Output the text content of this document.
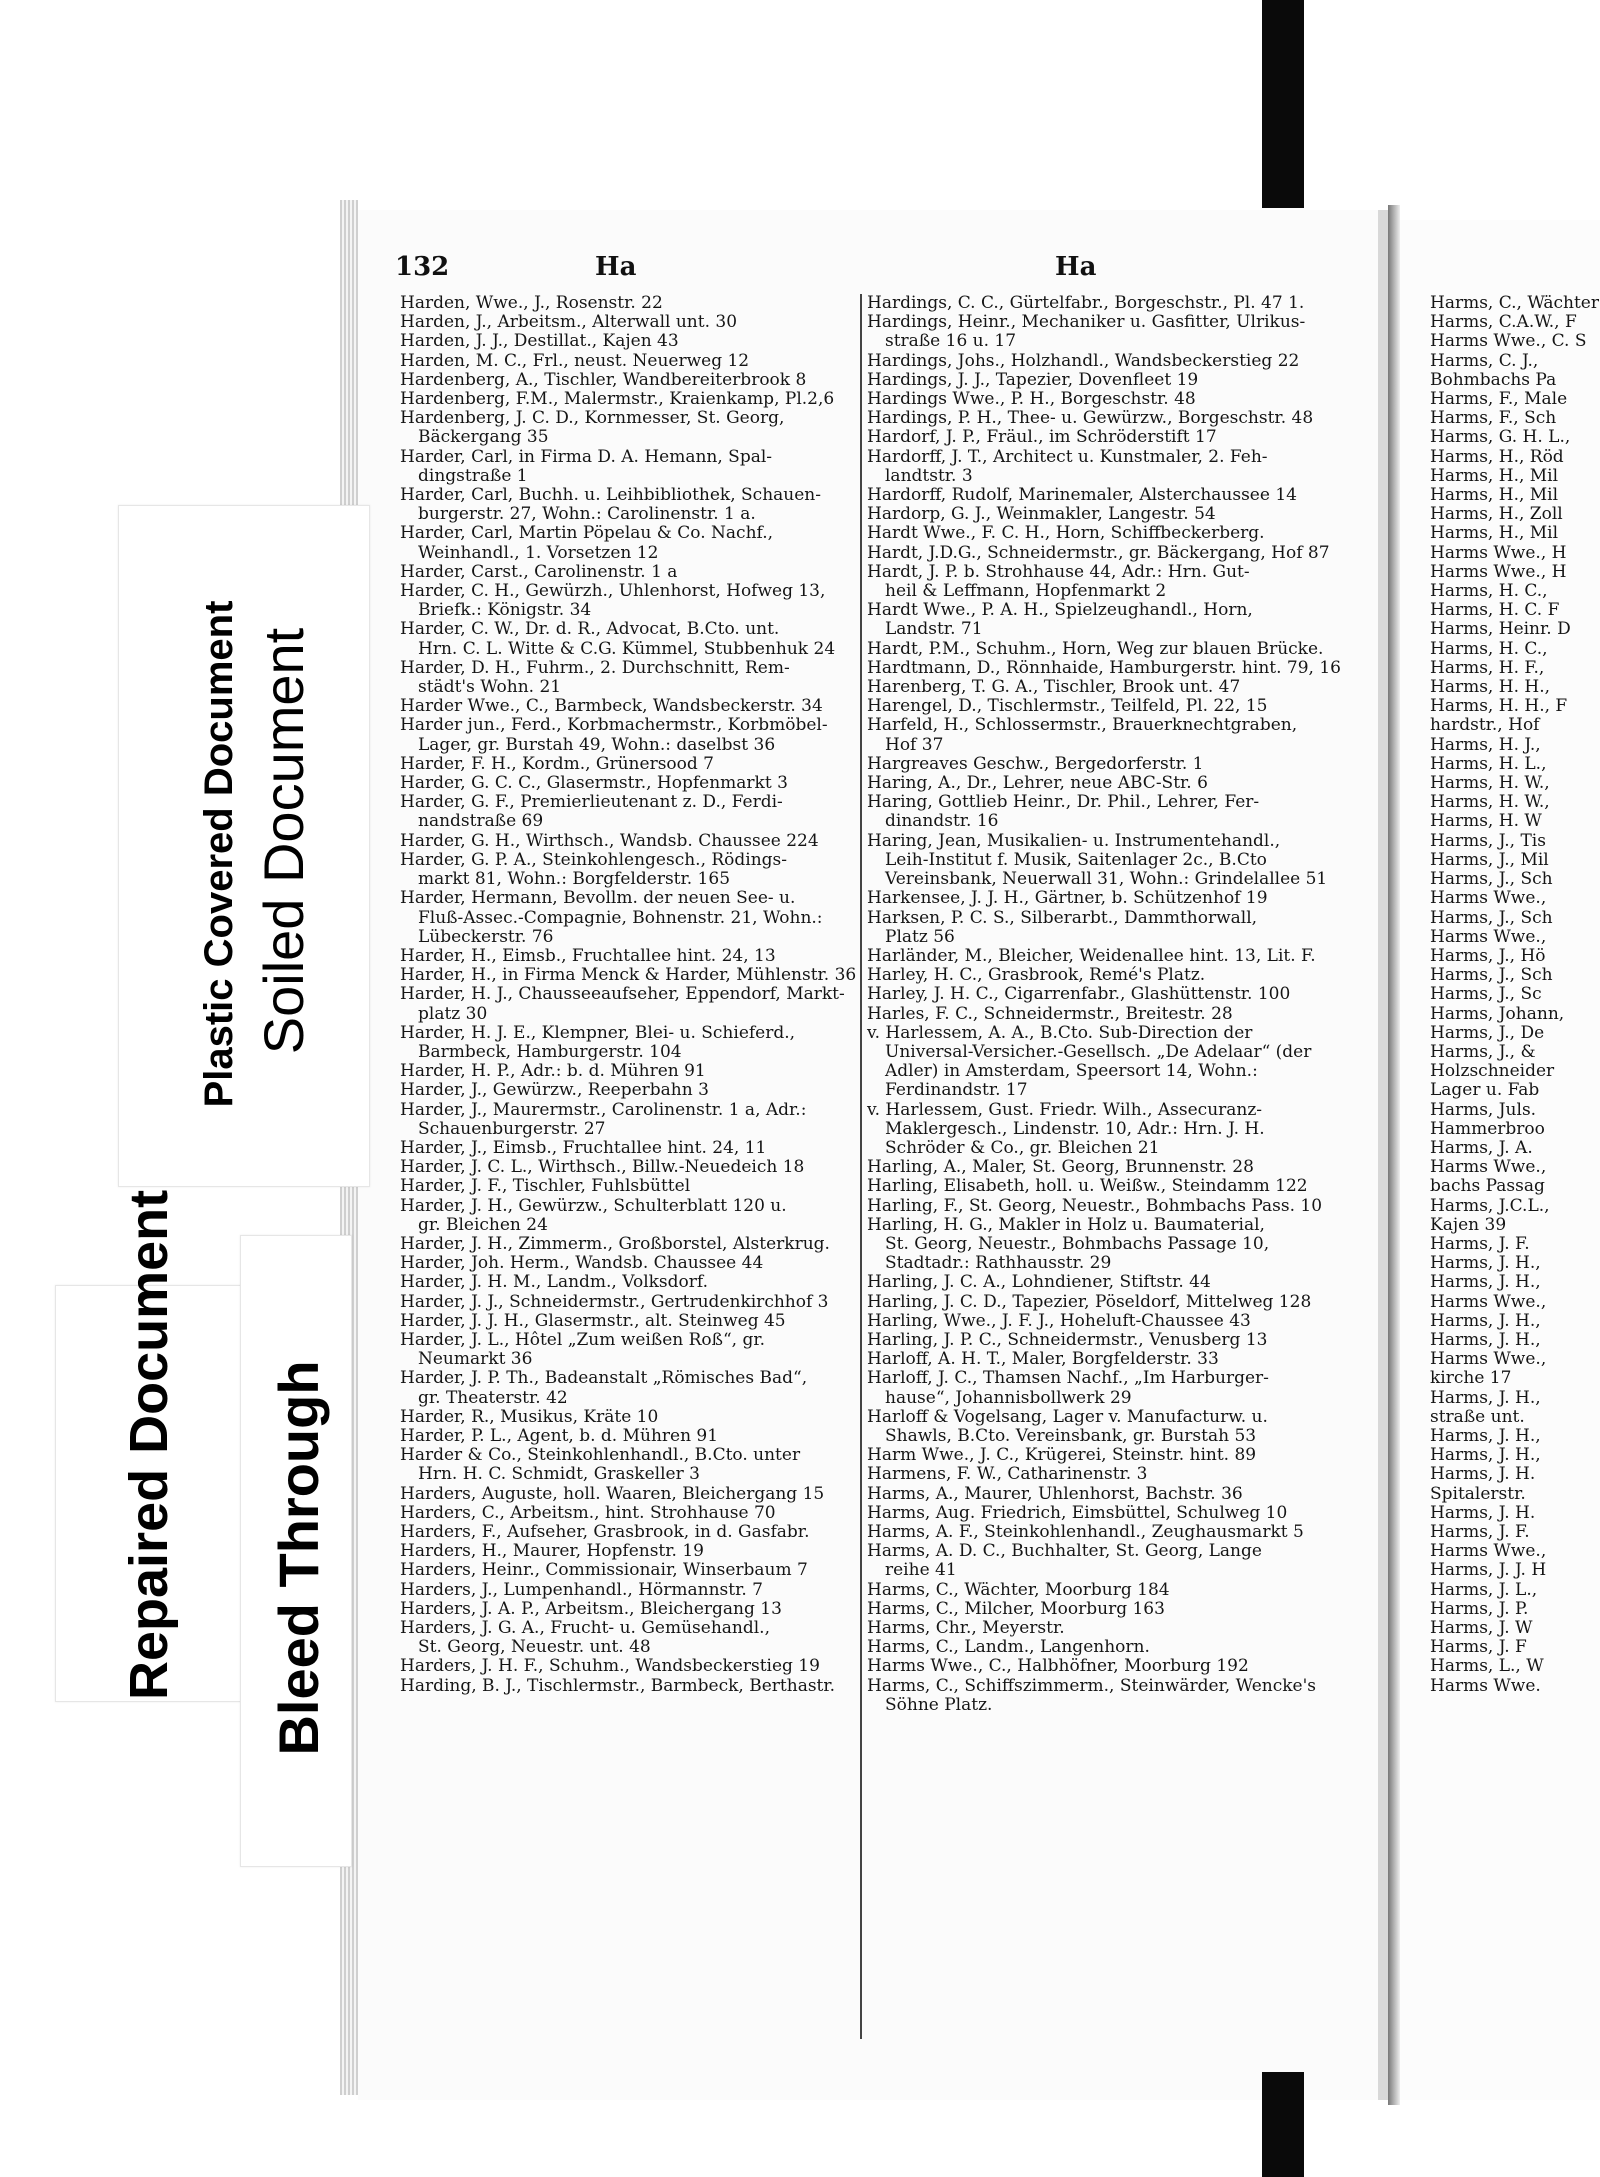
132	Ha	Ha
Harden, Wwe., J., Rosenstr. 22
Harden, J., Arbeitsm., Alterwall unt. 30
Harden, J. J., Destillat., Kajen 43
Harden, M. C., Frl., neust. Neuerweg 12
Hardenberg, A., Tischler, Wandbereiterbrook 8
Hardenberg, F.M., Malermstr., Kraienkamp, Pl.2,6
Hardenberg, J. C. D., Kornmesser, St. Georg,
Bäckergang 35
Harder, Carl, in Firma D. A. Hemann, Spal-
dingstraße 1
Harder, Carl, Buchh. u. Leihbibliothek, Schauen-
burgerstr. 27, Wohn.: Carolinenstr. 1 a.
Harder, Carl, Martin Pöpelau & Co. Nachf.,
Weinhandl., 1. Vorsetzen 12
Harder, Carst., Carolinenstr. 1 a
Harder, C. H., Gewürzh., Uhlenhorst, Hofweg 13,
Briefk.: Königstr. 34
Harder, C. W., Dr. d. R., Advocat, B.Cto. unt.
Hrn. C. L. Witte & C.G. Kümmel, Stubbenhuk 24
Harder, D. H., Fuhrm., 2. Durchschnitt, Rem-
städt's Wohn. 21
Harder Wwe., C., Barmbeck, Wandsbeckerstr. 34
Harder jun., Ferd., Korbmachermstr., Korbmöbel-
Lager, gr. Burstah 49, Wohn.: daselbst 36
Harder, F. H., Kordm., Grünersood 7
Harder, G. C. C., Glasermstr., Hopfenmarkt 3
Harder, G. F., Premierlieutenant z. D., Ferdi-
nandstraße 69
Harder, G. H., Wirthsch., Wandsb. Chaussee 224
Harder, G. P. A., Steinkohlengesch., Rödings-
markt 81, Wohn.: Borgfelderstr. 165
Harder, Hermann, Bevollm. der neuen See- u.
Fluß-Assec.-Compagnie, Bohnenstr. 21, Wohn.:
Lübeckerstr. 76
Harder, H., Eimsb., Fruchtallee hint. 24, 13
Harder, H., in Firma Menck & Harder, Mühlenstr. 36
Harder, H. J., Chausseeaufseher, Eppendorf, Markt-
platz 30
Harder, H. J. E., Klempner, Blei- u. Schieferd.,
Barmbeck, Hamburgerstr. 104
Harder, H. P., Adr.: b. d. Mühren 91
Harder, J., Gewürzw., Reeperbahn 3
Harder, J., Maurermstr., Carolinenstr. 1 a, Adr.:
Schauenburgerstr. 27
Harder, J., Eimsb., Fruchtallee hint. 24, 11
Harder, J. C. L., Wirthsch., Billw.-Neuedeich 18
Harder, J. F., Tischler, Fuhlsbüttel
Harder, J. H., Gewürzw., Schulterblatt 120 u.
gr. Bleichen 24
Harder, J. H., Zimmerm., Großborstel, Alsterkrug.
Harder, Joh. Herm., Wandsb. Chaussee 44
Harder, J. H. M., Landm., Volksdorf.
Harder, J. J., Schneidermstr., Gertrudenkirchhof 3
Harder, J. J. H., Glasermstr., alt. Steinweg 45
Harder, J. L., Hôtel „Zum weißen Roß“, gr.
Neumarkt 36
Harder, J. P. Th., Badeanstalt „Römisches Bad“,
gr. Theaterstr. 42
Harder, R., Musikus, Kräte 10
Harder, P. L., Agent, b. d. Mühren 91
Harder & Co., Steinkohlenhandl., B.Cto. unter
Hrn. H. C. Schmidt, Graskeller 3
Harders, Auguste, holl. Waaren, Bleichergang 15
Harders, C., Arbeitsm., hint. Strohhause 70
Harders, F., Aufseher, Grasbrook, in d. Gasfabr.
Harders, H., Maurer, Hopfenstr. 19
Harders, Heinr., Commissionair, Winserbaum 7
Harders, J., Lumpenhandl., Hörmannstr. 7
Harders, J. A. P., Arbeitsm., Bleichergang 13
Harders, J. G. A., Frucht- u. Gemüsehandl.,
St. Georg, Neuestr. unt. 48
Harders, J. H. F., Schuhm., Wandsbeckerstieg 19
Harding, B. J., Tischlermstr., Barmbeck, Berthastr.
Hardings, C. C., Gürtelfabr., Borgeschstr., Pl. 47 1.
Hardings, Heinr., Mechaniker u. Gasfitter, Ulrikus-
straße 16 u. 17
Hardings, Johs., Holzhandl., Wandsbeckerstieg 22
Hardings, J. J., Tapezier, Dovenfleet 19
Hardings Wwe., P. H., Borgeschstr. 48
Hardings, P. H., Thee- u. Gewürzw., Borgeschstr. 48
Hardorf, J. P., Fräul., im Schröderstift 17
Hardorff, J. T., Architect u. Kunstmaler, 2. Feh-
landtstr. 3
Hardorff, Rudolf, Marinemaler, Alsterchaussee 14
Hardorp, G. J., Weinmakler, Langestr. 54
Hardt Wwe., F. C. H., Horn, Schiffbeckerberg.
Hardt, J.D.G., Schneidermstr., gr. Bäckergang, Hof 87
Hardt, J. P. b. Strohhause 44, Adr.: Hrn. Gut-
heil & Leffmann, Hopfenmarkt 2
Hardt Wwe., P. A. H., Spielzeughandl., Horn,
Landstr. 71
Hardt, P.M., Schuhm., Horn, Weg zur blauen Brücke.
Hardtmann, D., Rönnhaide, Hamburgerstr. hint. 79, 16
Harenberg, T. G. A., Tischler, Brook unt. 47
Harengel, D., Tischlermstr., Teilfeld, Pl. 22, 15
Harfeld, H., Schlossermstr., Brauerknechtgraben,
Hof 37
Hargreaves Geschw., Bergedorferstr. 1
Haring, A., Dr., Lehrer, neue ABC-Str. 6
Haring, Gottlieb Heinr., Dr. Phil., Lehrer, Fer-
dinandstr. 16
Haring, Jean, Musikalien- u. Instrumentehandl.,
Leih-Institut f. Musik, Saitenlager 2c., B.Cto
Vereinsbank, Neuerwall 31, Wohn.: Grindelallee 51
Harkensee, J. J. H., Gärtner, b. Schützenhof 19
Harksen, P. C. S., Silberarbt., Dammthorwall,
Platz 56
Harländer, M., Bleicher, Weidenallee hint. 13, Lit. F.
Harley, H. C., Grasbrook, Remé's Platz.
Harley, J. H. C., Cigarrenfabr., Glashüttenstr. 100
Harles, F. C., Schneidermstr., Breitestr. 28
v. Harlessem, A. A., B.Cto. Sub-Direction der
Universal-Versicher.-Gesellsch. „De Adelaar“ (der
Adler) in Amsterdam, Speersort 14, Wohn.:
Ferdinandstr. 17
v. Harlessem, Gust. Friedr. Wilh., Assecuranz-
Maklergesch., Lindenstr. 10, Adr.: Hrn. J. H.
Schröder & Co., gr. Bleichen 21
Harling, A., Maler, St. Georg, Brunnenstr. 28
Harling, Elisabeth, holl. u. Weißw., Steindamm 122
Harling, F., St. Georg, Neuestr., Bohmbachs Pass. 10
Harling, H. G., Makler in Holz u. Baumaterial,
St. Georg, Neuestr., Bohmbachs Passage 10,
Stadtadr.: Rathhausstr. 29
Harling, J. C. A., Lohndiener, Stiftstr. 44
Harling, J. C. D., Tapezier, Pöseldorf, Mittelweg 128
Harling, Wwe., J. F. J., Hoheluft-Chaussee 43
Harling, J. P. C., Schneidermstr., Venusberg 13
Harloff, A. H. T., Maler, Borgfelderstr. 33
Harloff, J. C., Thamsen Nachf., „Im Harburger-
hause“, Johannisbollwerk 29
Harloff & Vogelsang, Lager v. Manufacturw. u.
Shawls, B.Cto. Vereinsbank, gr. Burstah 53
Harm Wwe., J. C., Krügerei, Steinstr. hint. 89
Harmens, F. W., Catharinenstr. 3
Harms, A., Maurer, Uhlenhorst, Bachstr. 36
Harms, Aug. Friedrich, Eimsbüttel, Schulweg 10
Harms, A. F., Steinkohlenhandl., Zeughausmarkt 5
Harms, A. D. C., Buchhalter, St. Georg, Lange
reihe 41
Harms, C., Wächter, Moorburg 184
Harms, C., Milcher, Moorburg 163
Harms, Chr., Meyerstr.
Harms, C., Landm., Langenhorn.
Harms Wwe., C., Halbhöfner, Moorburg 192
Harms, C., Schiffszimmerm., Steinwärder, Wencke's
Söhne Platz.
Harms, C., Wächter
Harms, C.A.W., F
Harms Wwe., C. S
Harms, C. J.,
Bohmbachs Pa
Harms, F., Male
Harms, F., Sch
Harms, G. H. L.,
Harms, H., Röd
Harms, H., Mil
Harms, H., Mil
Harms, H., Zoll
Harms, H., Mil
Harms Wwe., H
Harms Wwe., H
Harms, H. C.,
Harms, H. C. F
Harms, Heinr. D
Harms, H. C.,
Harms, H. F.,
Harms, H. H.,
Harms, H. H., F
hardstr., Hof
Harms, H. J.,
Harms, H. L.,
Harms, H. W.,
Harms, H. W.,
Harms, H. W
Harms, J., Tis
Harms, J., Mil
Harms, J., Sch
Harms Wwe.,
Harms, J., Sch
Harms Wwe.,
Harms, J., Hö
Harms, J., Sch
Harms, J., Sc
Harms, Johann,
Harms, J., De
Harms, J., &
Holzschneider
Lager u. Fab
Harms, Juls.
Hammerbroo
Harms, J. A.
Harms Wwe.,
bachs Passag
Harms, J.C.L.,
Kajen 39
Harms, J. F.
Harms, J. H.,
Harms, J. H.,
Harms Wwe.,
Harms, J. H.,
Harms, J. H.,
Harms Wwe.,
kirche 17
Harms, J. H.,
straße unt.
Harms, J. H.,
Harms, J. H.,
Harms, J. H.
Spitalerstr.
Harms, J. H.
Harms, J. F.
Harms Wwe.,
Harms, J. J. H
Harms, J. L.,
Harms, J. P.
Harms, J. W
Harms, J. F
Harms, L., W
Harms Wwe.
Plastic Covered Document Soiled Document
Repaired Document Bleed Through
